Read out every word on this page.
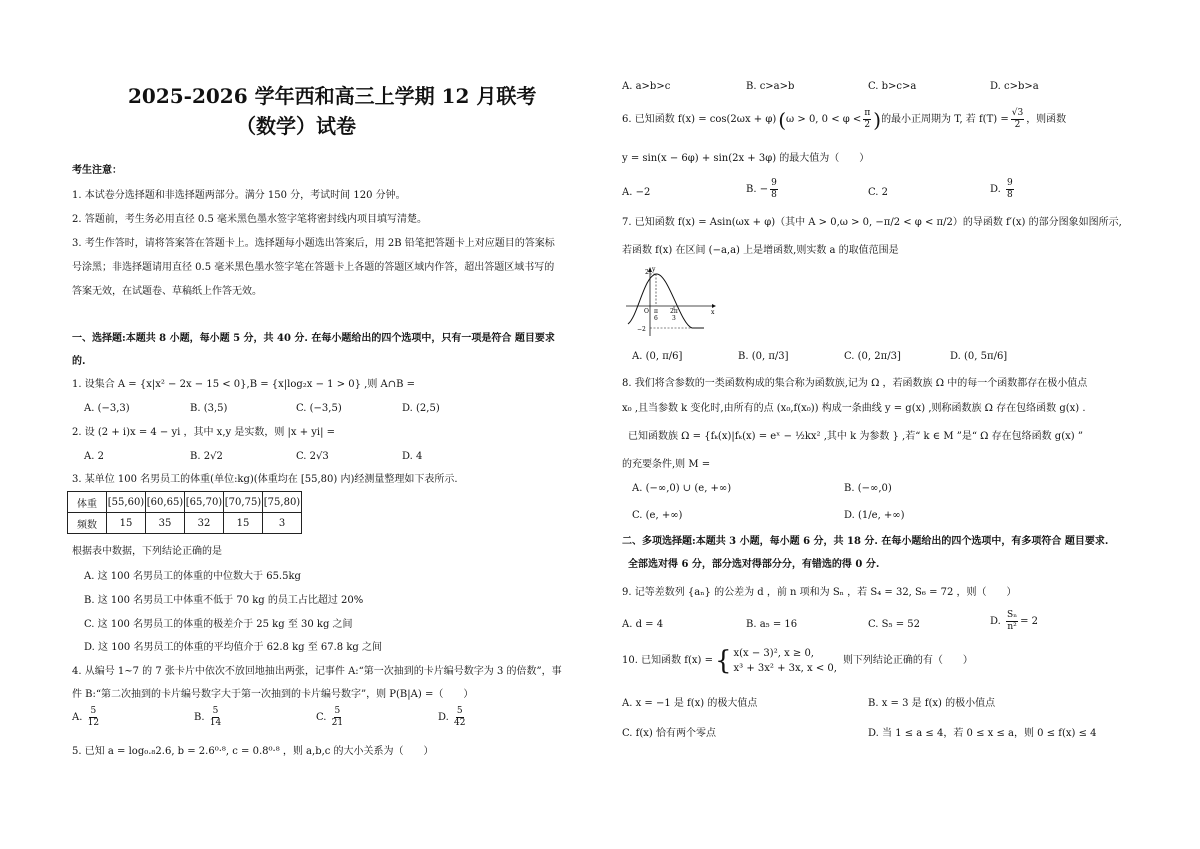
2025-2026 学年西和高三上学期 12 月联考
（数学）试卷
考生注意：
1. 本试卷分选择题和非选择题两部分。满分 150 分，考试时间 120 分钟。
2. 答题前，考生务必用直径 0.5 毫米黑色墨水签字笔将密封线内项目填写清楚。
3. 考生作答时，请将答案答在答题卡上。选择题每小题选出答案后，用 2B 铅笔把答题卡上对应题目的答案标
号涂黑；非选择题请用直径 0.5 毫米黑色墨水签字笔在答题卡上各题的答题区域内作答，超出答题区域书写的
答案无效，在试题卷、草稿纸上作答无效。
一、选择题:本题共 8 小题，每小题 5 分，共 40 分. 在每小题给出的四个选项中，只有一项是符合 题目要求
的.
1. 设集合 A = {x|x² − 2x − 15 < 0},B = {x|log₂x − 1 > 0} ,则 A∩B =
A. (−3,3)	B. (3,5)	C. (−3,5)	D. (2,5)
2. 设 (2 + i)x = 4 − yi ，其中 x,y 是实数，则 |x + yi| =
A. 2	B. 2√2	C. 2√3	D. 4
3. 某单位 100 名男员工的体重(单位:kg)(体重均在 [55,80) 内)经测量整理如下表所示.
体重	[55,60)	[60,65)	[65,70)	[70,75)	[75,80)
频数	15	35	32	15	3
根据表中数据，下列结论正确的是
A. 这 100 名男员工的体重的中位数大于 65.5kg
B. 这 100 名男员工中体重不低于 70 kg 的员工占比超过 20%
C. 这 100 名男员工的体重的极差介于 25 kg 至 30 kg 之间
D. 这 100 名男员工的体重的平均值介于 62.8 kg 至 67.8 kg 之间
4. 从编号 1~7 的 7 张卡片中依次不放回地抽出两张，记事件 A:“第一次抽到的卡片编号数字为 3 的倍数”，事
件 B:“第二次抽到的卡片编号数字大于第一次抽到的卡片编号数字”，则 P(B|A) =（　　）
A. $\frac{5}{12}$	B. $\frac{5}{14}$	C. $\frac{5}{21}$	D. $\frac{5}{42}$
5. 已知 a = log₀.₈2.6, b = 2.6⁰·⁸, c = 0.8⁰·⁸ ，则 a,b,c 的大小关系为（　　）
A. a>b>c	B. c>a>b	C. b>c>a	D. c>b>a
6. 已知函数 f(x) = cos(2ωx + φ) ( ω > 0, $0 < \varphi < \frac{\pi}{2}$ ) 的最小正周期为 T, 若 $f(T) = \frac{√3}{2}$ ，则函数
y = sin(x − 6φ) + sin(2x + 3φ) 的最大值为（　　）
A. −2	B.
− $\frac{9}{8}$	C. 2	D.
$\frac{9}{8}$
7. 已知函数 f(x) = Asin(ωx + φ)（其中 A > 0,ω > 0, −π/2 < φ < π/2）的导函数 f′(x) 的部分图象如图所示,
若函数 f(x) 在区间 (−a,a) 上是增函数,则实数 a 的取值范围是
2 y
x
O
−2
π
6
2π
3
A. (0, π/6]	B. (0, π/3]	C. (0, 2π/3]	D. (0, 5π/6]
8. 我们将含参数的一类函数构成的集合称为函数族,记为 Ω ，若函数族 Ω 中的每一个函数都存在极小值点
x₀ ,且当参数 k 变化时,由所有的点 (x₀,f(x₀)) 构成一条曲线 y = g(x) ,则称函数族 Ω 存在包络函数 g(x) .
已知函数族 Ω = {fₖ(x)|fₖ(x) = eˣ − ½kx² ,其中 k 为参数 } ,若“ k ∈ M ”是“ Ω 存在包络函数 g(x) ”
的充要条件,则 M =
A. (−∞,0) ∪ (e, +∞)	B. (−∞,0)
C. (e, +∞)	D. (1/e, +∞)
二、多项选择题:本题共 3 小题，每小题 6 分，共 18 分. 在每小题给出的四个选项中，有多项符合 题目要求.
全部选对得 6 分，部分选对得部分分，有错选的得 0 分.
9. 记等差数列 {aₙ} 的公差为 d ，前 n 项和为 Sₙ ，若 S₄ = 32, S₆ = 72 ，则（　　）
A. d = 4	B. a₅ = 16	C. S₅ = 52	D.
$\frac{\text{Sₙ}}{\text{n²}} = 2$
10. 已知函数 f(x) = { x(x − 3)², x ≥ 0,
x³ + 3x² + 3x, x < 0,
则下列结论正确的有（　　）
A. x = −1 是 f(x) 的极大值点	B. x = 3 是 f(x) 的极小值点
C. f(x) 恰有两个零点	D. 当 1 ≤ a ≤ 4，若 0 ≤ x ≤ a，则 0 ≤ f(x) ≤ 4
